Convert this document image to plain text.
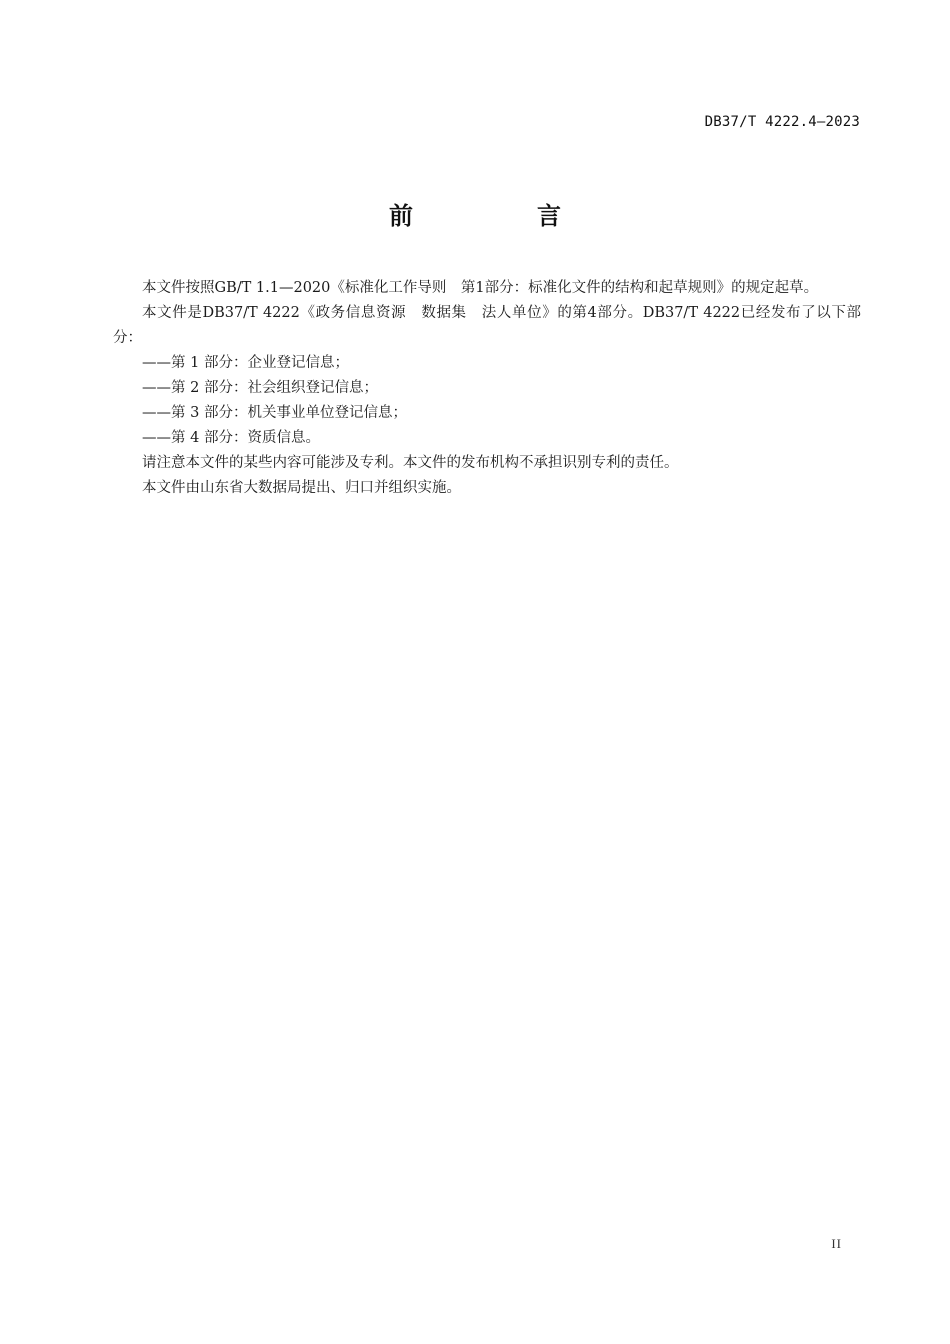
DB37/T 4222.4—2023
前　言

本文件按照GB/T 1.1—2020《标准化工作导则　第1部分：标准化文件的结构和起草规则》的规定起草。

本文件是DB37/T 4222《政务信息资源　数据集　法人单位》的第4部分。DB37/T 4222已经发布了以下部分：

——第 1 部分：企业登记信息；

——第 2 部分：社会组织登记信息；

——第 3 部分：机关事业单位登记信息；

——第 4 部分：资质信息。

请注意本文件的某些内容可能涉及专利。本文件的发布机构不承担识别专利的责任。

本文件由山东省大数据局提出、归口并组织实施。

II
